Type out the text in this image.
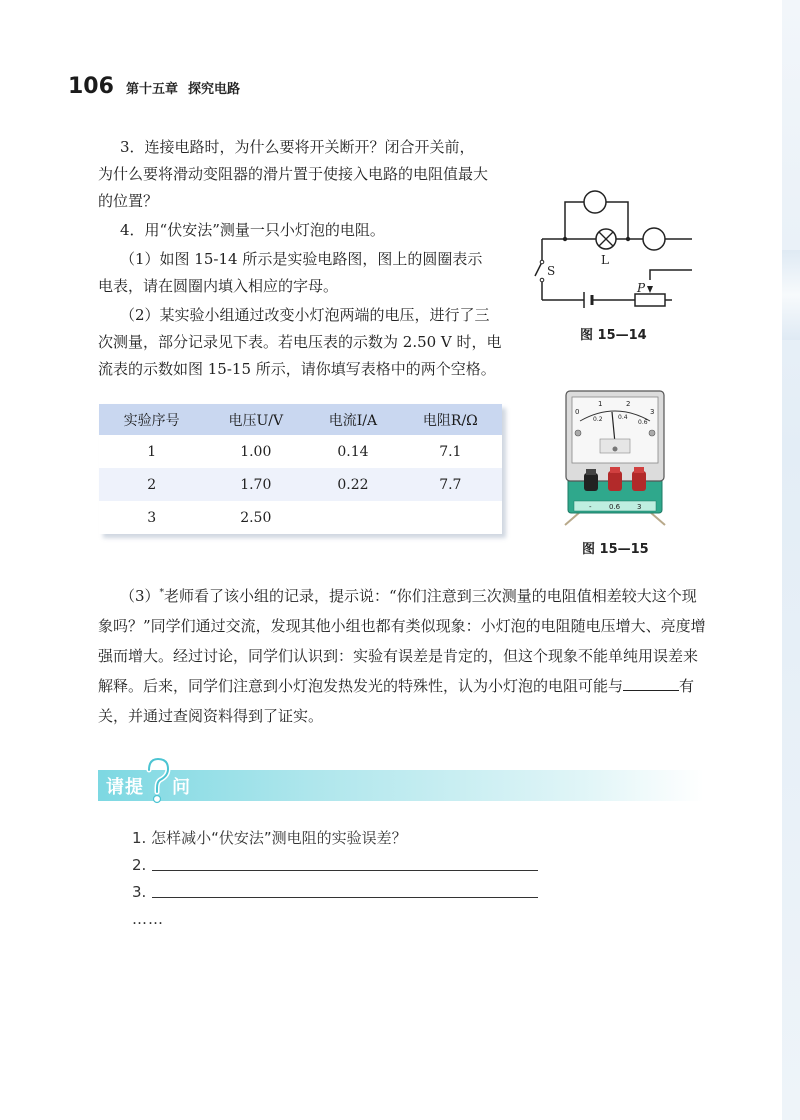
106 第十五章 探究电路

3．连接电路时，为什么要将开关断开？闭合开关前，

为什么要将滑动变阻器的滑片置于使接入电路的电阻值最大

的位置？

4．用“伏安法”测量一只小灯泡的电阻。

（1）如图 15-14 所示是实验电路图，图上的圆圈表示

电表，请在圆圈内填入相应的字母。

（2）某实验小组通过改变小灯泡两端的电压，进行了三

次测量，部分记录见下表。若电压表的示数为 2.50 V 时，电

流表的示数如图 15-15 所示，请你填写表格中的两个空格。

L
S
P
图 15—14
实验序号	电压U/V	电流I/A	电阻R/Ω
1	1.00	0.14	7.1
2	1.70	0.22	7.7
3	2.50		
0
1	2
3
0.2	0.4
0.6
- 0.6 3
图 15—15

（3）*老师看了该小组的记录，提示说：“你们注意到三次测量的电阻值相差较大这个现象吗？”同学们通过交流，发现其他小组也都有类似现象：小灯泡的电阻随电压增大、亮度增强而增大。经过讨论，同学们认识到：实验有误差是肯定的，但这个现象不能单纯用误差来解释。后来，同学们注意到小灯泡发热发光的特殊性，认为小灯泡的电阻可能与	有关，并通过查阅资料得到了证实。

请提 问
1. 怎样减小“伏安法”测电阻的实验误差？
2.
3.
……
